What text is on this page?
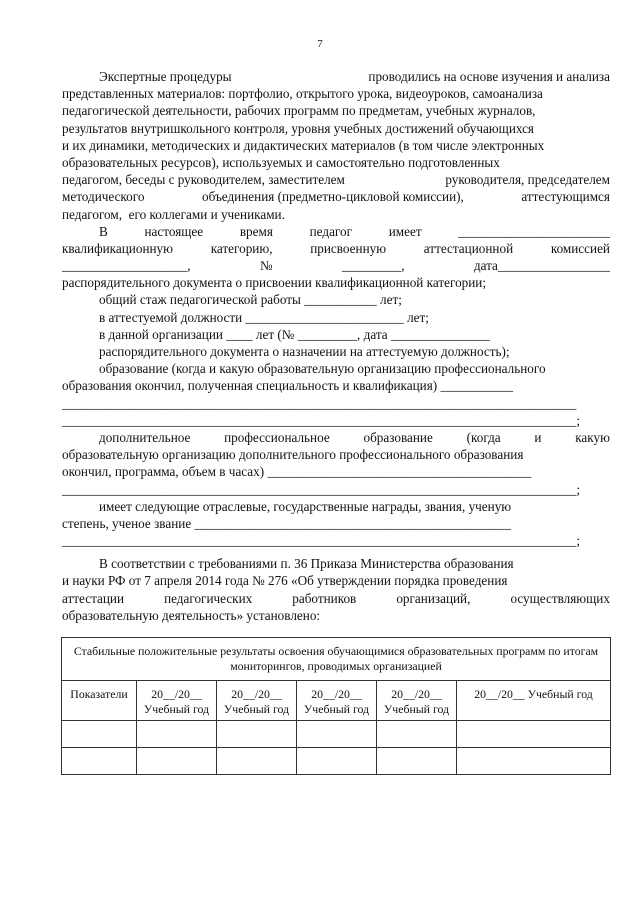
7
Экспертные процедуры	проводились на основе изучения и анализа
представленных материалов: портфолио, открытого урока, видеоуроков, самоанализа
педагогической деятельности, рабочих программ по предметам, учебных журналов,
результатов внутришкольного контроля, уровня учебных достижений обучающихся
и их динамики, методических и дидактических материалов (в том числе электронных
образовательных ресурсов), используемых и самостоятельно подготовленных
педагогом, беседы с руководителем, заместителем	руководителя, председателем
методического	объединения (предметно-цикловой комиссии),	аттестующимся
педагогом,  его коллегами и учениками.
В	настоящее	время	педагог	имеет	_______________________
квалификационную	категорию,	присвоенную	аттестационной	комиссией
___________________,	№	_________,	дата_________________
распорядительного документа о присвоении квалификационной категории;
общий стаж педагогической работы ___________ лет;
в аттестуемой должности ________________________ лет;
в данной организации ____ лет (№ _________, дата _______________
распорядительного документа о назначении на аттестуемую должность);
образование (когда и какую образовательную организацию профессионального
образования окончил, полученная специальность и квалификация) ___________
______________________________________________________________________________
______________________________________________________________________________;
дополнительное	профессиональное	образование	(когда	и	какую
образовательную организацию дополнительного профессионального образования
окончил, программа, объем в часах) ________________________________________
______________________________________________________________________________;
имеет следующие отраслевые, государственные награды, звания, ученую
степень, ученое звание ________________________________________________
______________________________________________________________________________;
В соответствии с требованиями п. 36 Приказа Министерства образования
и науки РФ от 7 апреля 2014 года № 276 «Об утверждении порядка проведения
аттестации	педагогических	работников	организаций,	осуществляющих
образовательную деятельность» установлено:
Стабильные положительные результаты освоения обучающимися образовательных программ по итогам мониторингов, проводимых организацией					
Показатели	20__/20__ Учебный год	20__/20__ Учебный год	20__/20__ Учебный год	20__/20__ Учебный год	20__/20__ Учебный год
